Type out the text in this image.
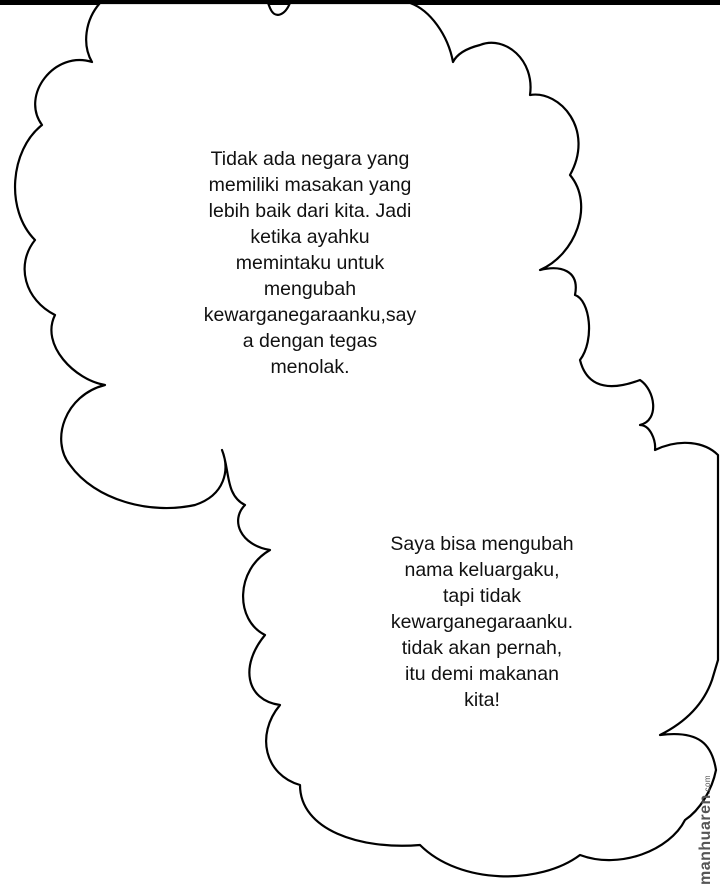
Tidak ada negara yang
memiliki masakan yang
lebih baik dari kita. Jadi
ketika ayahku
memintaku untuk
mengubah
kewarganegaraanku,say
a dengan tegas
menolak.

Saya bisa mengubah
nama keluargaku,
tapi tidak
kewarganegaraanku.
tidak akan pernah,
itu demi makanan
kita!

manhuaren.com
